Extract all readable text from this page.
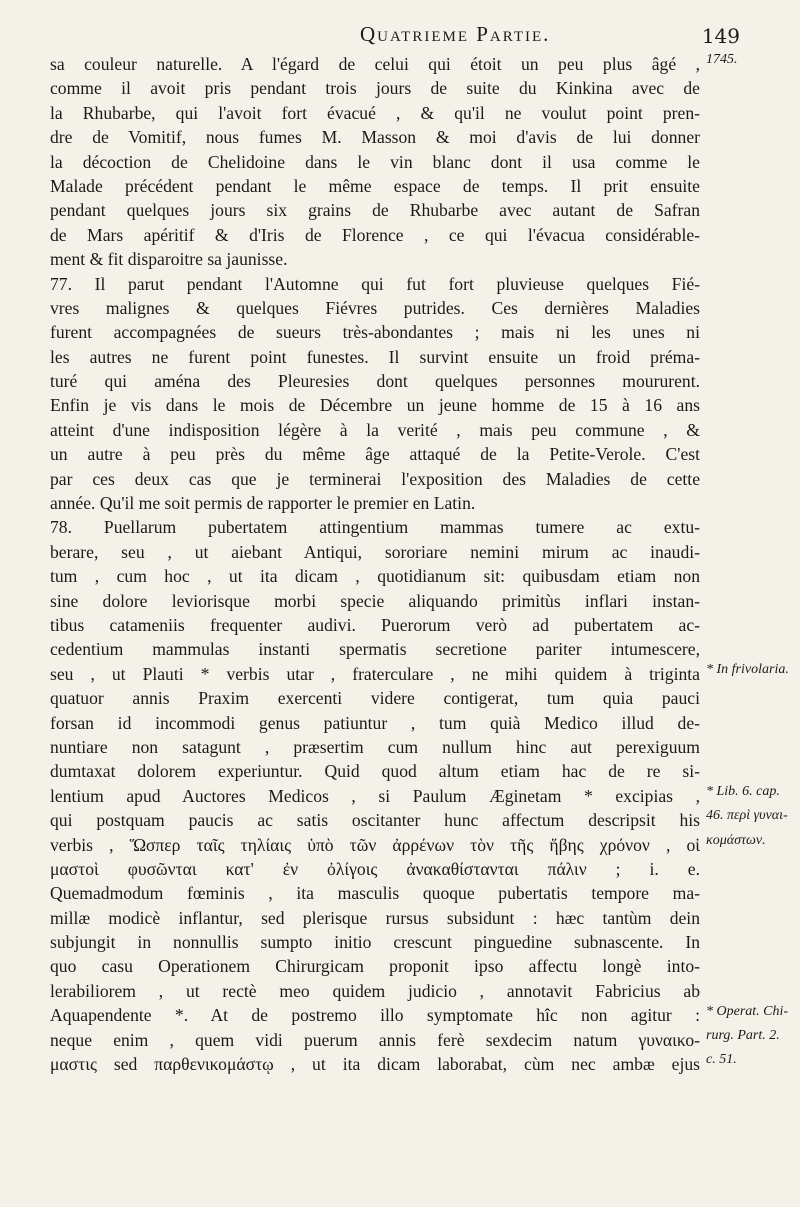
Quatrieme Partie.	149
sa couleur naturelle. A l'égard de celui qui étoit un peu plus âgé ,
comme il avoit pris pendant trois jours de suite du Kinkina avec de
la Rhubarbe, qui l'avoit fort évacué , & qu'il ne voulut point pren-
dre de Vomitif, nous fumes M. Masson & moi d'avis de lui donner
la décoction de Chelidoine dans le vin blanc dont il usa comme le
Malade précédent pendant le même espace de temps. Il prit ensuite
pendant quelques jours six grains de Rhubarbe avec autant de Safran
de Mars apéritif & d'Iris de Florence , ce qui l'évacua considérable-
ment & fit disparoitre sa jaunisse.
77. Il parut pendant l'Automne qui fut fort pluvieuse quelques Fié-
vres malignes & quelques Fiévres putrides. Ces dernières Maladies
furent accompagnées de sueurs très-abondantes ; mais ni les unes ni
les autres ne furent point funestes. Il survint ensuite un froid préma-
turé qui aména des Pleuresies dont quelques personnes moururent.
Enfin je vis dans le mois de Décembre un jeune homme de 15 à 16 ans
atteint d'une indisposition légère à la verité , mais peu commune , &
un autre à peu près du même âge attaqué de la Petite-Verole. C'est
par ces deux cas que je terminerai l'exposition des Maladies de cette
année. Qu'il me soit permis de rapporter le premier en Latin.
78. Puellarum pubertatem attingentium mammas tumere ac extu-
berare, seu , ut aiebant Antiqui, sororiare nemini mirum ac inaudi-
tum , cum hoc , ut ita dicam , quotidianum sit: quibusdam etiam non
sine dolore leviorisque morbi specie aliquando primitùs inflari instan-
tibus catameniis frequenter audivi. Puerorum verò ad pubertatem ac-
cedentium mammulas instanti spermatis secretione pariter intumescere,
seu , ut Plauti * verbis utar , fraterculare , ne mihi quidem à triginta
quatuor annis Praxim exercenti videre contigerat, tum quia pauci
forsan id incommodi genus patiuntur , tum quià Medico illud de-
nuntiare non satagunt , præsertim cum nullum hinc aut perexiguum
dumtaxat dolorem experiuntur. Quid quod altum etiam hac de re si-
lentium apud Auctores Medicos , si Paulum Æginetam * excipias ,
qui postquam paucis ac satis oscitanter hunc affectum descripsit his
verbis , Ὥσπερ ταῖς τηλίαις ὑπὸ τῶν ἀρρένων τὸν τῆς ἥβης χρόνον , οἱ
μαστοὶ φυσῶνται κατ' ἐν ὀλίγοις ἀνακαθίστανται πάλιν ; i. e.
Quemadmodum fœminis , ita masculis quoque pubertatis tempore ma-
millæ modicè inflantur, sed plerisque rursus subsidunt : hæc tantùm dein
subjungit in nonnullis sumpto initio crescunt pinguedine subnascente. In
quo casu Operationem Chirurgicam proponit ipso affectu longè into-
lerabiliorem , ut rectè meo quidem judicio , annotavit Fabricius ab
Aquapendente *. At de postremo illo symptomate hîc non agitur :
neque enim , quem vidi puerum annis ferè sexdecim natum γυναικο-
μαστις sed παρθενικομάστῳ , ut ita dicam laborabat, cùm nec ambæ ejus
1745.
* In frivolaria.
* Lib. 6. cap.
46. περὶ γυναι-
κομάστων.
* Operat. Chi-
rurg. Part. 2.
c. 51.
